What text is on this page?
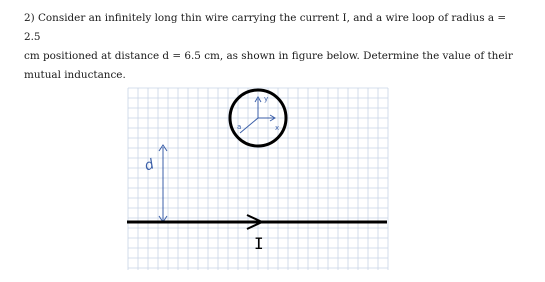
2) Consider an infinitely long thin wire carrying the current I, and a wire loop of radius a = 2.5

cm positioned at distance d = 6.5 cm, as shown in figure below. Determine the value of their

mutual inductance.

d
a
y
x
I
